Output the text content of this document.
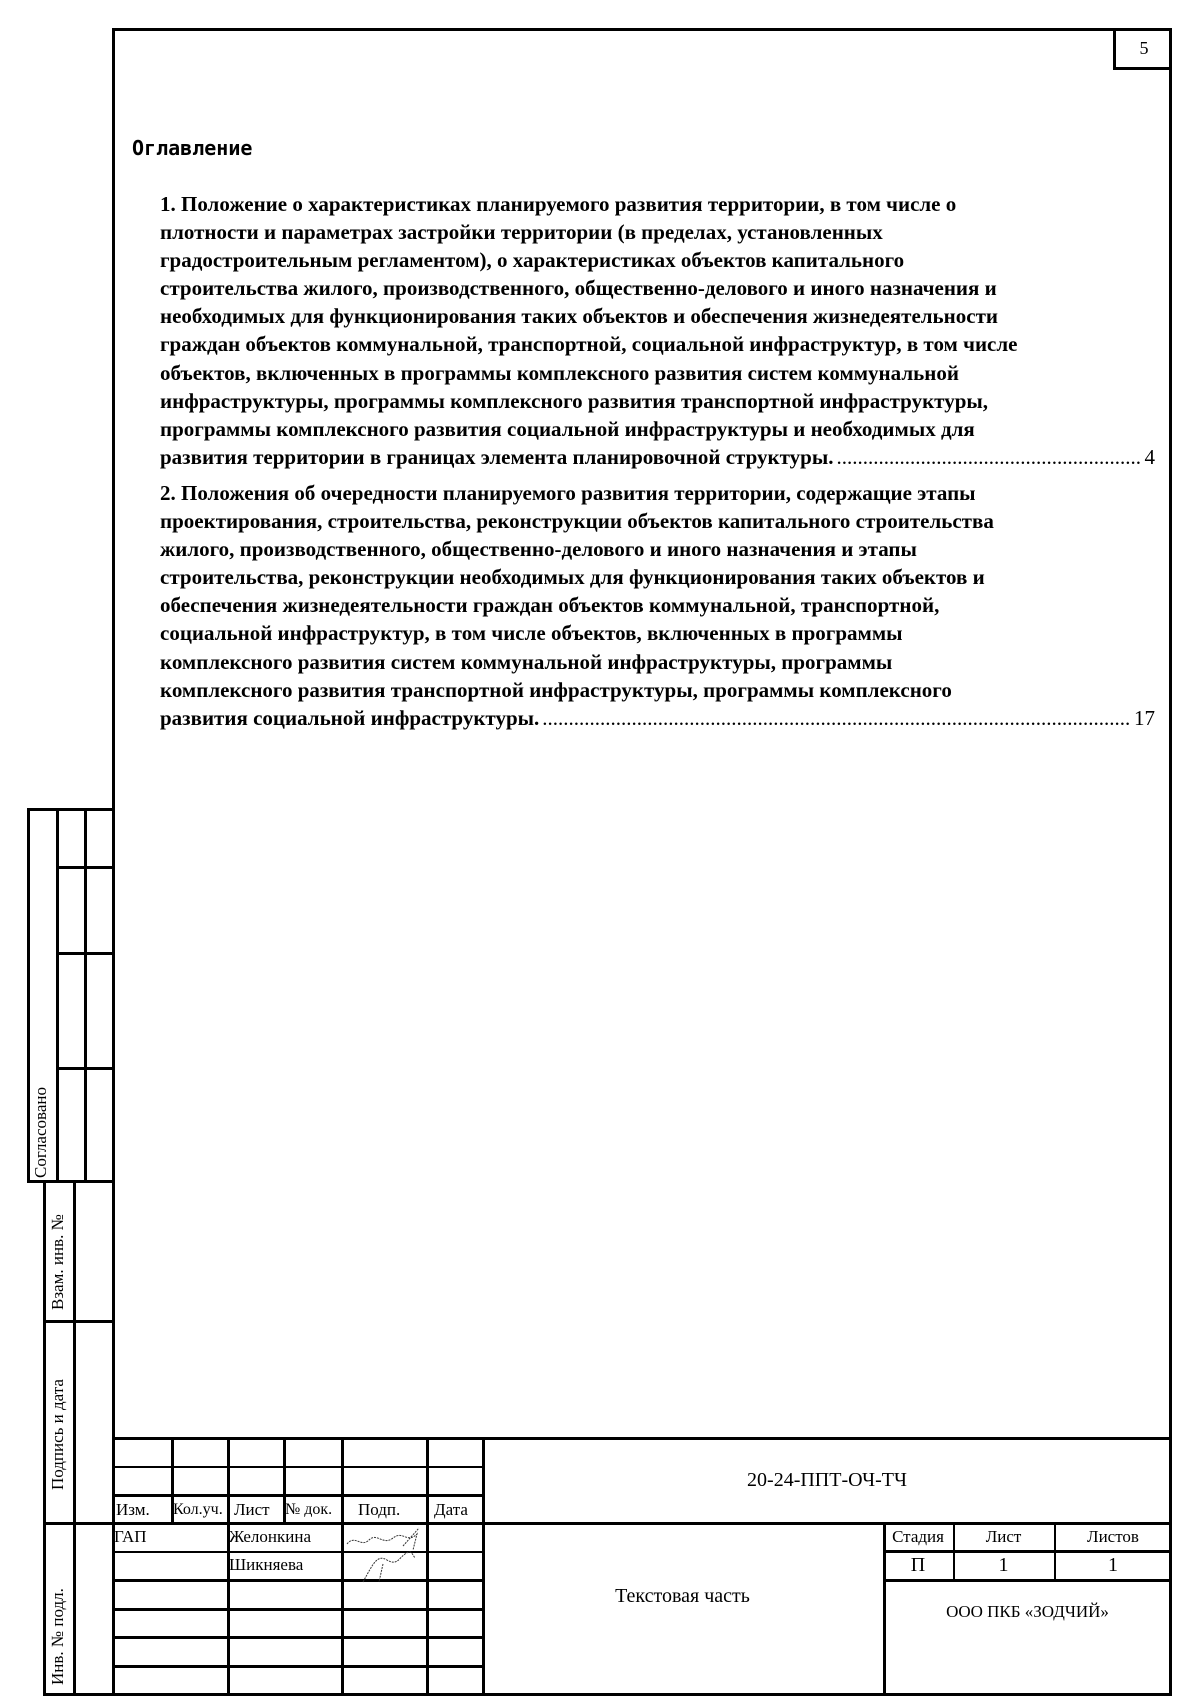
5
Оглавление
1. Положение о характеристиках планируемого развития территории, в том числе о
плотности и параметрах застройки территории (в пределах, установленных
градостроительным регламентом), о характеристиках объектов капитального
строительства жилого, производственного, общественно-делового и иного назначения и
необходимых для функционирования таких объектов и обеспечения жизнедеятельности
граждан объектов коммунальной, транспортной, социальной инфраструктур, в том числе
объектов, включенных в программы комплексного развития систем коммунальной
инфраструктуры, программы комплексного развития транспортной инфраструктуры,
программы комплексного развития социальной инфраструктуры и необходимых для
развития территории в границах элемента планировочной структуры. .....	4
2. Положения об очередности планируемого развития территории, содержащие этапы
проектирования, строительства, реконструкции объектов капитального строительства
жилого, производственного, общественно-делового и иного назначения и этапы
строительства, реконструкции необходимых для функционирования таких объектов и
обеспечения жизнедеятельности граждан объектов коммунальной, транспортной,
социальной инфраструктур, в том числе объектов, включенных в программы
комплексного развития систем коммунальной инфраструктуры, программы
комплексного развития транспортной инфраструктуры, программы комплексного
развития социальной инфраструктуры. .....	17
Согласовано
Взам. инв. №
Подпись и дата
Инв. № подл.
Изм. Кол.уч. Лист № док. Подп. Дата
ГАП	Желонкина
Шикняева
20-24-ППТ-ОЧ-ТЧ
Текстовая часть
Стадия	Лист	Листов
П	1	1
ООО ПКБ «ЗОДЧИЙ»
